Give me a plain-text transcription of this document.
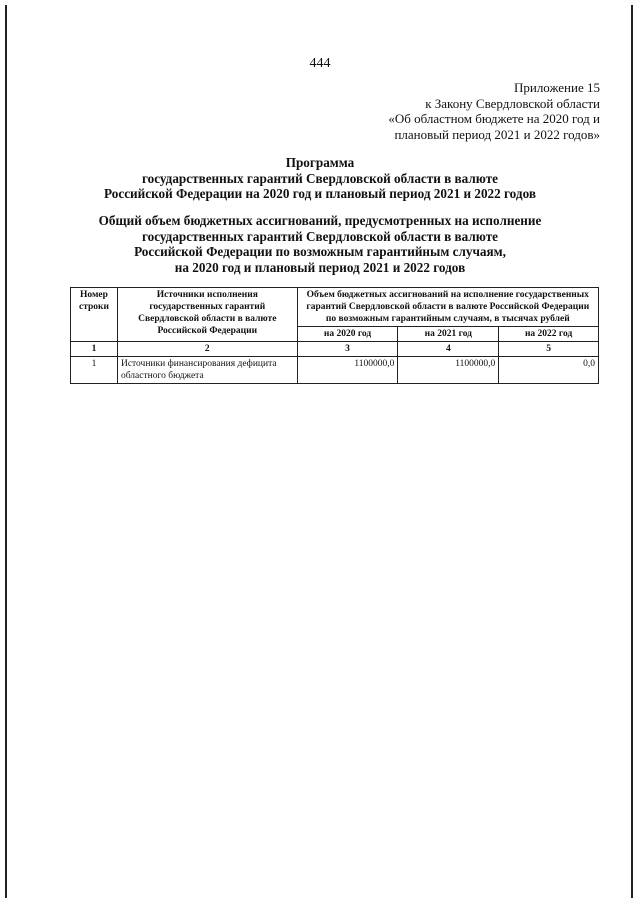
444
Приложение 15
к Закону Свердловской области
«Об областном бюджете на 2020 год и
плановый период 2021 и 2022 годов»
Программа
государственных гарантий Свердловской области в валюте
Российской Федерации на 2020 год и плановый период 2021 и 2022 годов
Общий объем бюджетных ассигнований, предусмотренных на исполнение
государственных гарантий Свердловской области в валюте
Российской Федерации по возможным гарантийным случаям,
на 2020 год и плановый период 2021 и 2022 годов
Номер строки	Источники исполнения государственных гарантий Свердловской области в валюте Российской Федерации	Объем бюджетных ассигнований на исполнение государственных гарантий Свердловской области в валюте Российской Федерации по возможным гарантийным случаям, в тысячах рублей		
		на 2020 год	на 2021 год	на 2022 год
1	2	3	4	5
1	Источники финансирования дефицита областного бюджета	1100000,0	1100000,0	0,0
